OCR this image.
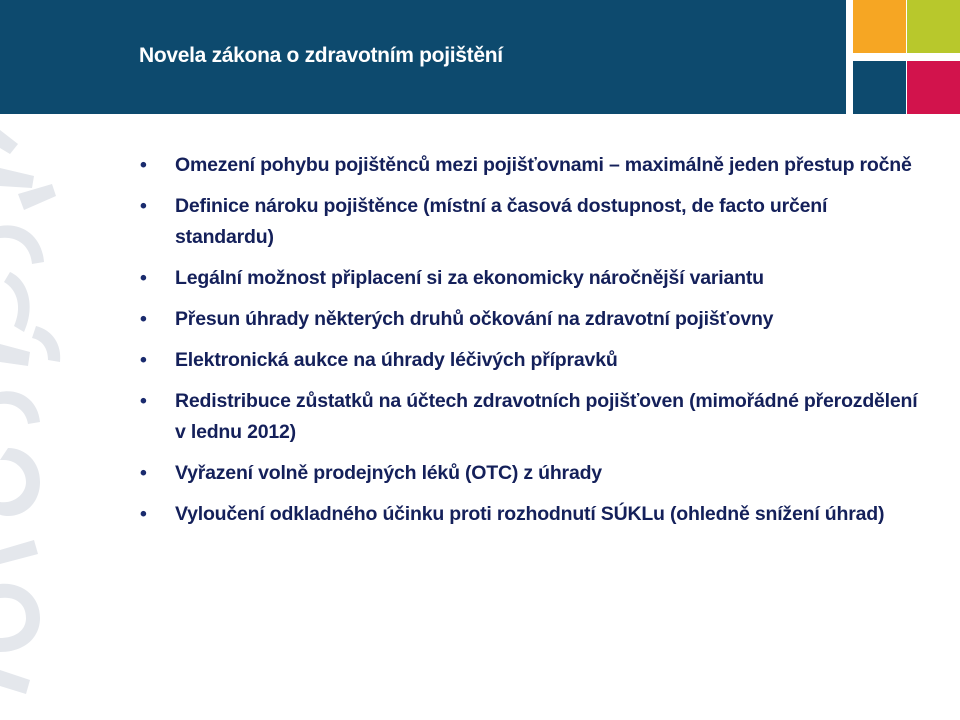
Novela zákona o zdravotním pojištění
• Omezení pohybu pojištěnců mezi pojišťovnami – maximálně jeden přestup ročně
• Definice nároku pojištěnce (místní a časová dostupnost, de facto určení standardu)
• Legální možnost připlacení si za ekonomicky náročnější variantu
• Přesun úhrady některých druhů očkování na zdravotní pojišťovny
• Elektronická aukce na úhrady léčivých přípravků
• Redistribuce zůstatků na účtech zdravotních pojišťoven (mimořádné přerozdělení v lednu 2012)
• Vyřazení volně prodejných léků (OTC) z úhrady
• Vyloučení odkladného účinku proti rozhodnutí SÚKLu (ohledně snížení úhrad)
